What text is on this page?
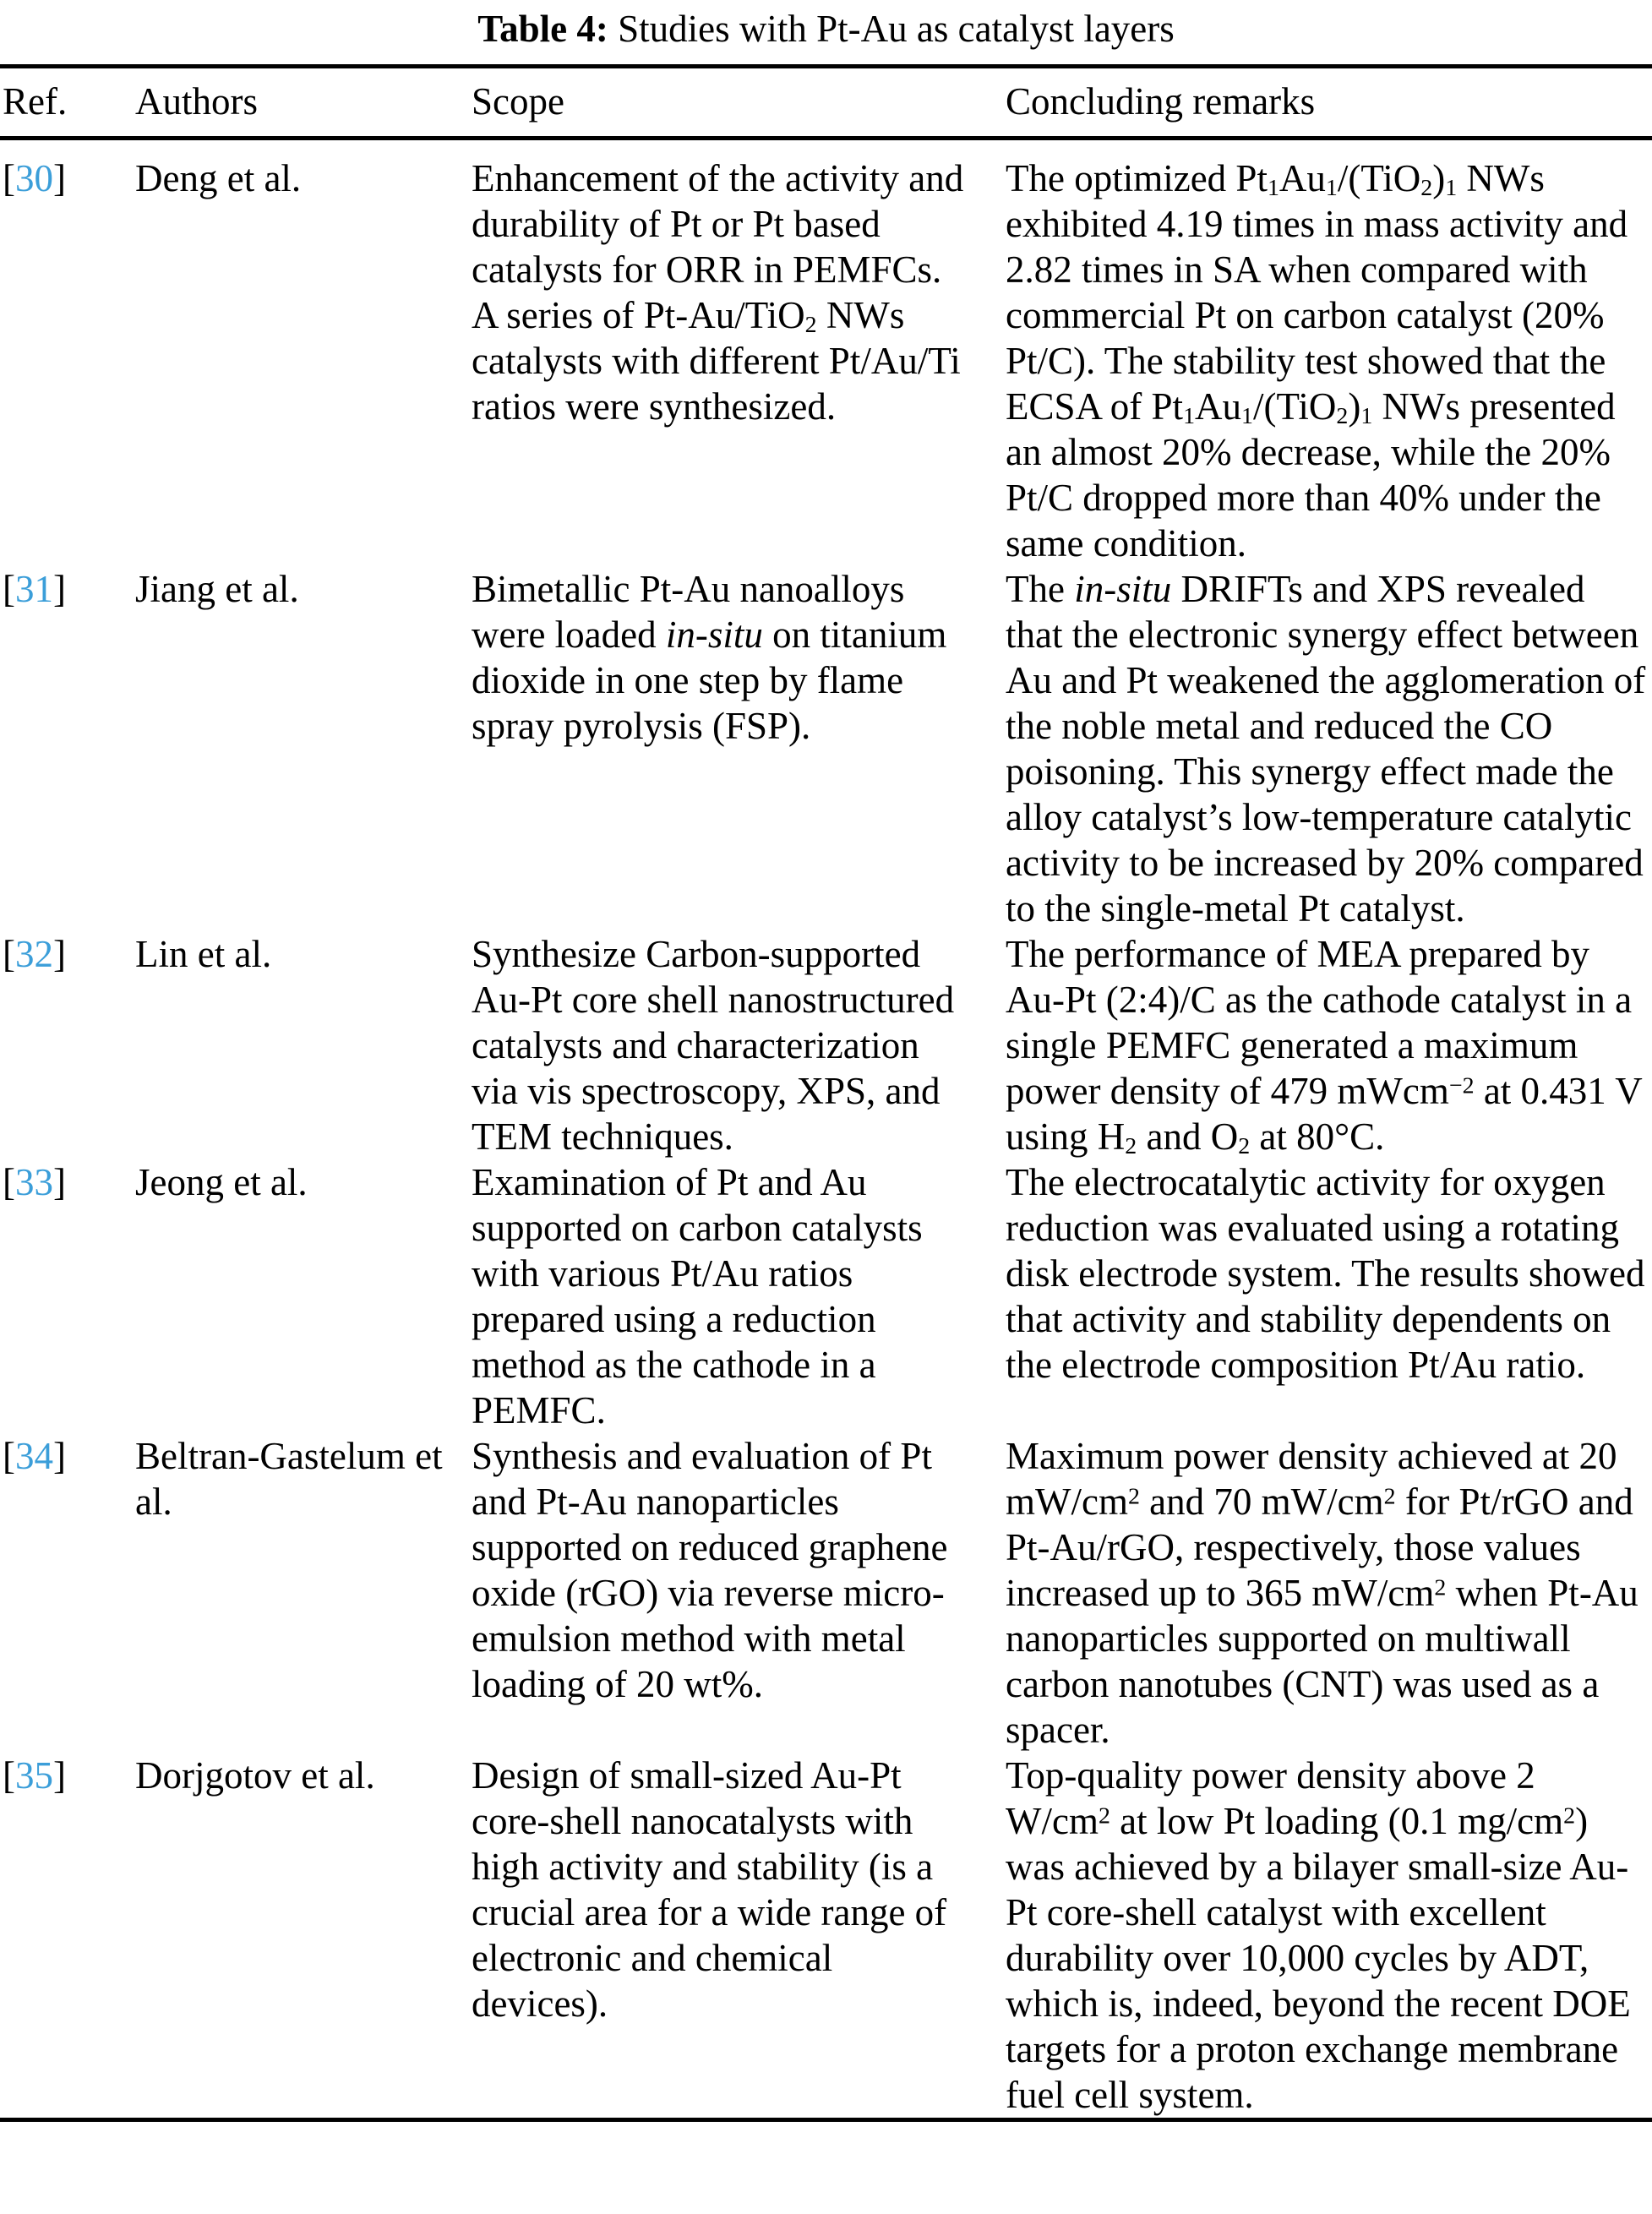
Table 4: Studies with Pt-Au as catalyst layers
Ref.	Authors	Scope	Concluding remarks
[30]	Deng et al.	Enhancement of the activity and durability of Pt or Pt based catalysts for ORR in PEMFCs. A series of Pt-Au/TiO$_2$ NWs catalysts with different Pt/Au/Ti ratios were synthesized.	The optimized $Pt_1Au_1/(TiO_2)_1$ NWs exhibited 4.19 times in mass activity and 2.82 times in SA when compared with commercial Pt on carbon catalyst (20% Pt/C). The stability test showed that the ECSA of $Pt_1Au_1/(TiO_2)_1$ NWs presented an almost 20% decrease, while the 20% Pt/C dropped more than 40% under the same condition.
[31]	Jiang et al.	Bimetallic Pt-Au nanoalloys were loaded in-situ on titanium dioxide in one step by flame spray pyrolysis (FSP).	The in-situ DRIFTs and XPS revealed that the electronic synergy effect between Au and Pt weakened the agglomeration of the noble metal and reduced the CO poisoning. This synergy effect made the alloy catalyst’s low-temperature catalytic activity to be increased by 20% compared to the single-metal Pt catalyst.
[32]	Lin et al.	Synthesize Carbon-supported Au-Pt core shell nanostructured catalysts and characterization via vis spectroscopy, XPS, and TEM techniques.	The performance of MEA prepared by Au-Pt (2:4)/C as the cathode catalyst in a single PEMFC generated a maximum power density of 479 mWcm$^{-2}$ at 0.431 V using $H_2$ and $O_2$ at 80°C.
[33]	Jeong et al.	Examination of Pt and Au supported on carbon catalysts with various Pt/Au ratios prepared using a reduction method as the cathode in a PEMFC.	The electrocatalytic activity for oxygen reduction was evaluated using a rotating disk electrode system. The results showed that activity and stability dependents on the electrode composition Pt/Au ratio.
[34]	Beltran-Gastelum et al.	Synthesis and evaluation of Pt and Pt-Au nanoparticles supported on reduced graphene oxide (rGO) via reverse micro-emulsion method with metal loading of 20 wt%.	Maximum power density achieved at 20 $mW/cm^2$ and 70 $mW/cm^2$ for Pt/rGO and Pt-Au/rGO, respectively, those values increased up to 365 $mW/cm^2$ when Pt-Au nanoparticles supported on multiwall carbon nanotubes (CNT) was used as a spacer.
[35]	Dorjgotov et al.	Design of small-sized Au-Pt core-shell nanocatalysts with high activity and stability (is a crucial area for a wide range of electronic and chemical devices).	Top-quality power density above 2 $W/cm^2$ at low Pt loading (0.1 $mg/cm^2$) was achieved by a bilayer small-size Au-Pt core-shell catalyst with excellent durability over 10,000 cycles by ADT, which is, indeed, beyond the recent DOE targets for a proton exchange membrane fuel cell system.
